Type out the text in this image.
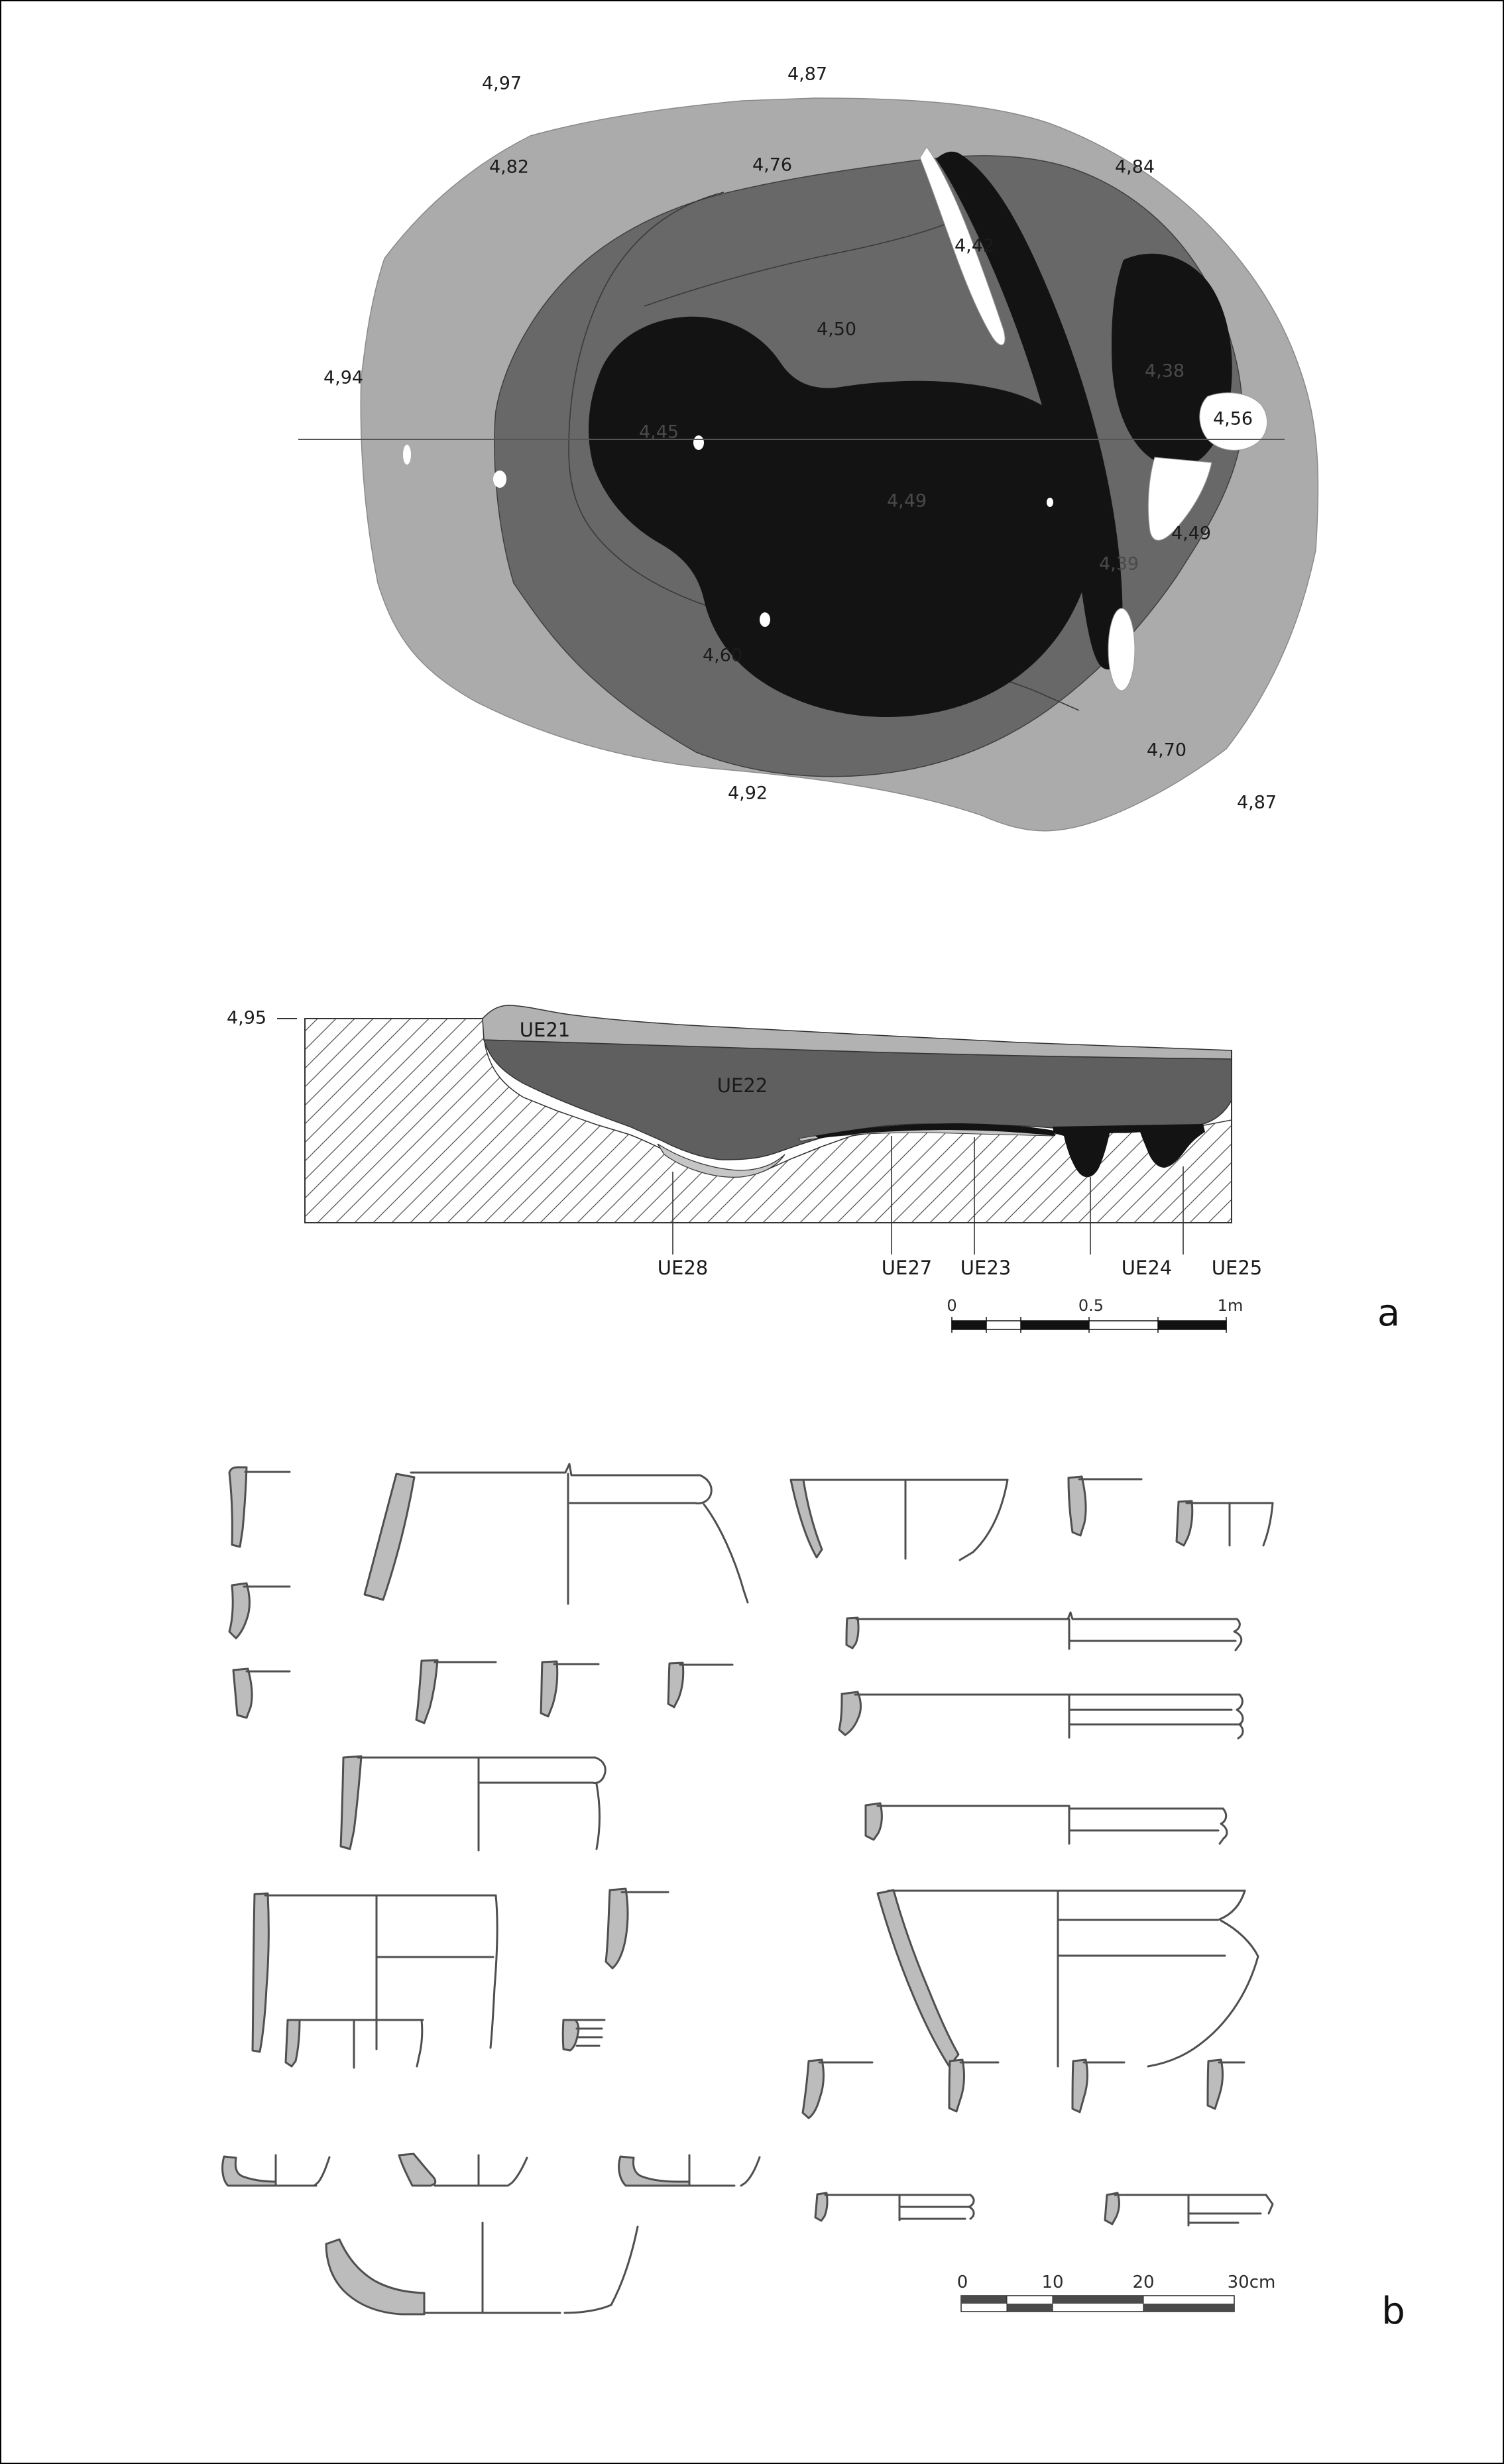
4,97	4,87
4,82	4,76	4,84
4,94
4,42
4,50
4,38
4,56
4,45
4,49
4,49
4,39
4,60
4,70
4,92	4,87
4,95
UE21
UE22
UE28	UE27 UE23	UE24 UE25
0	0.5	1m	a
0	10	20	30cm
b
